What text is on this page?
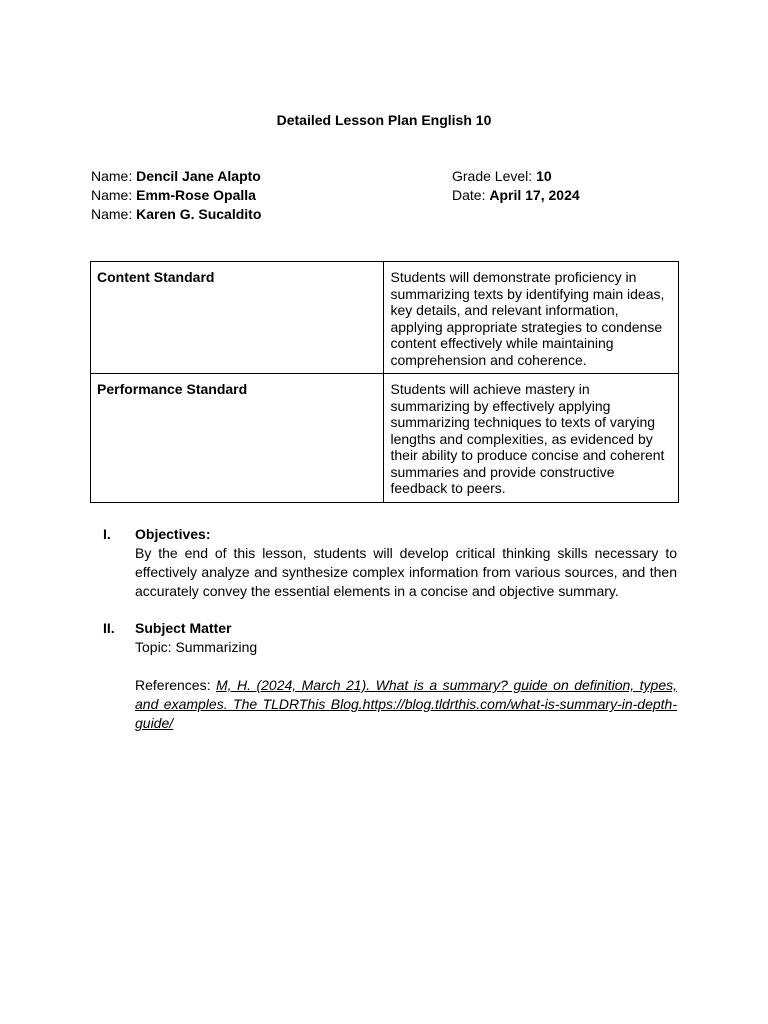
Detailed Lesson Plan English 10
Name: Dencil Jane Alapto
Name: Emm-Rose Opalla
Name: Karen G. Sucaldito
Grade Level: 10
Date: April 17, 2024
Content Standard	Students will demonstrate proficiency in summarizing texts by identifying main ideas, key details, and relevant information, applying appropriate strategies to condense content effectively while maintaining comprehension and coherence.
Performance Standard	Students will achieve mastery in summarizing by effectively applying summarizing techniques to texts of varying lengths and complexities, as evidenced by their ability to produce concise and coherent summaries and provide constructive feedback to peers.
I. Objectives:
By the end of this lesson, students will develop critical thinking skills necessary to effectively analyze and synthesize complex information from various sources, and then accurately convey the essential elements in a concise and objective summary.
II. Subject Matter
Topic: Summarizing
References: M, H. (2024, March 21). What is a summary? guide on definition, types, and examples. The TLDRThis Blog.https://blog.tldrthis.com/what-is-summary-in-depth-guide/
